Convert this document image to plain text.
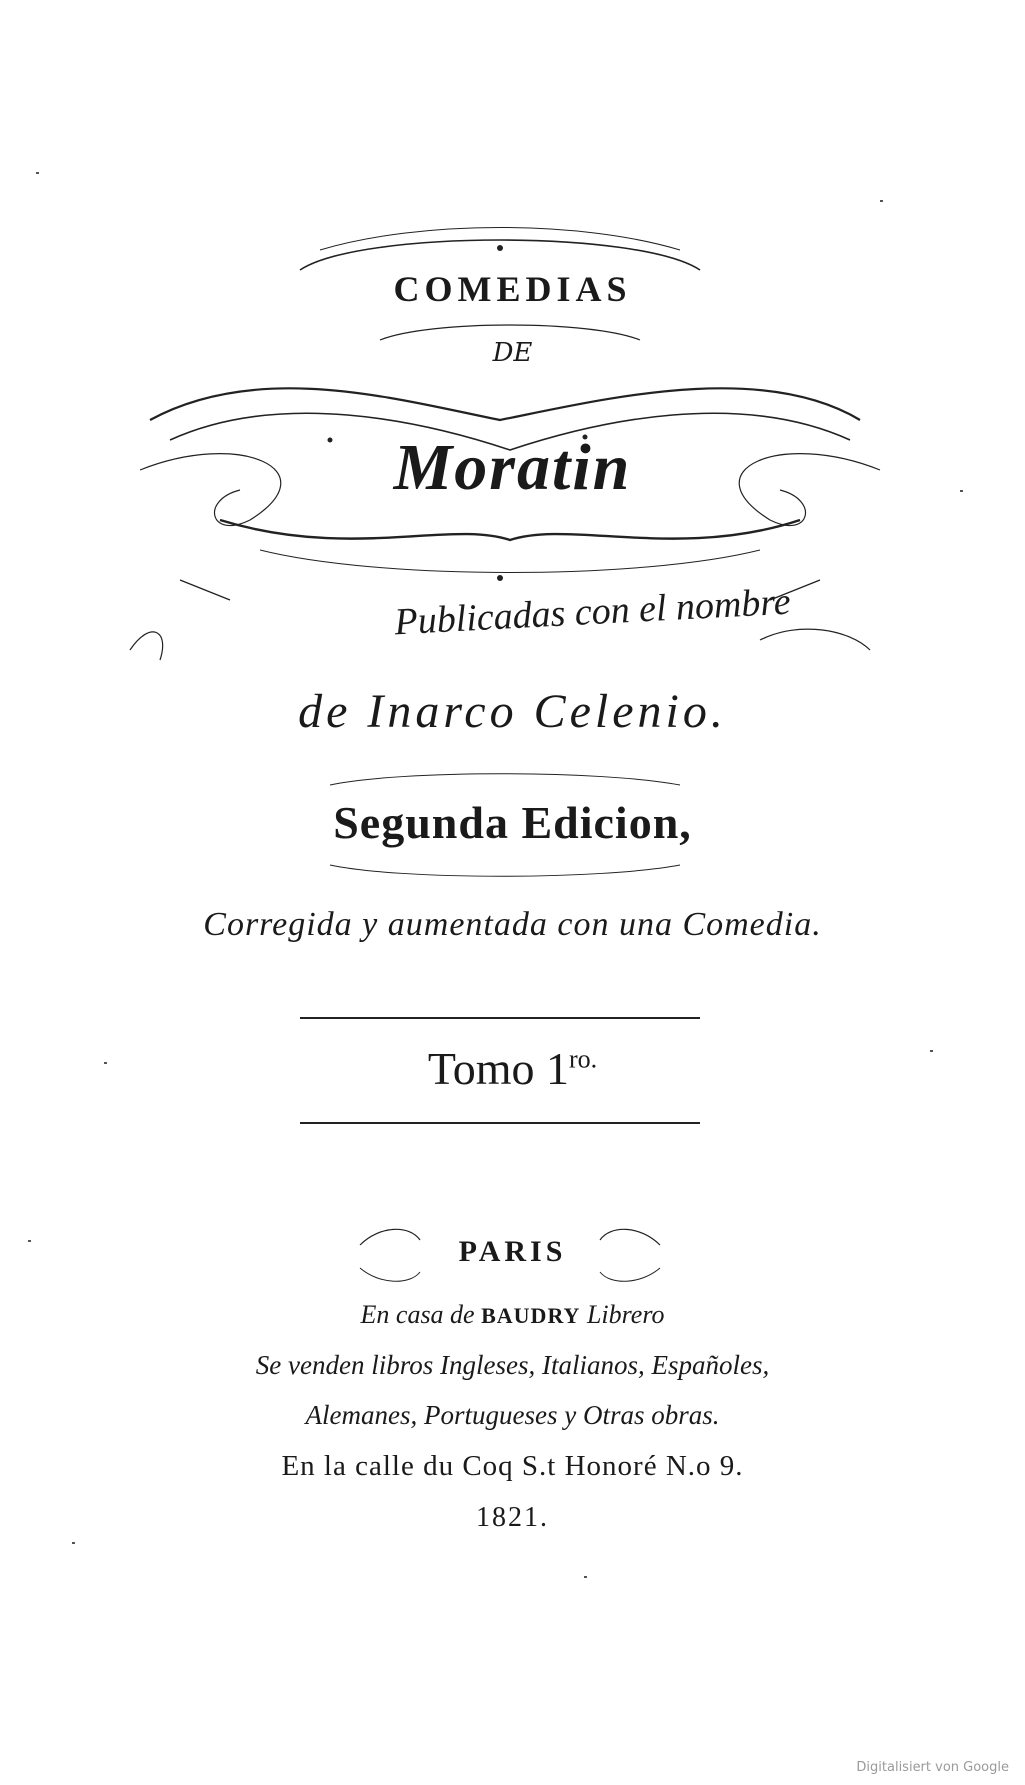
COMEDIAS
DE
Moratin
Publicadas con el nombre
de Inarco Celenio.
Segunda Edicion,
Corregida y aumentada con una Comedia.
Tomo $1^{ro.}$
PARIS
En casa de BAUDRY Librero
Se venden libros Ingleses, Italianos, Españoles,
Alemanes, Portugueses y Otras obras.
En la calle du Coq S.t Honoré N.o 9.
1821.
Digitalisiert von Google
